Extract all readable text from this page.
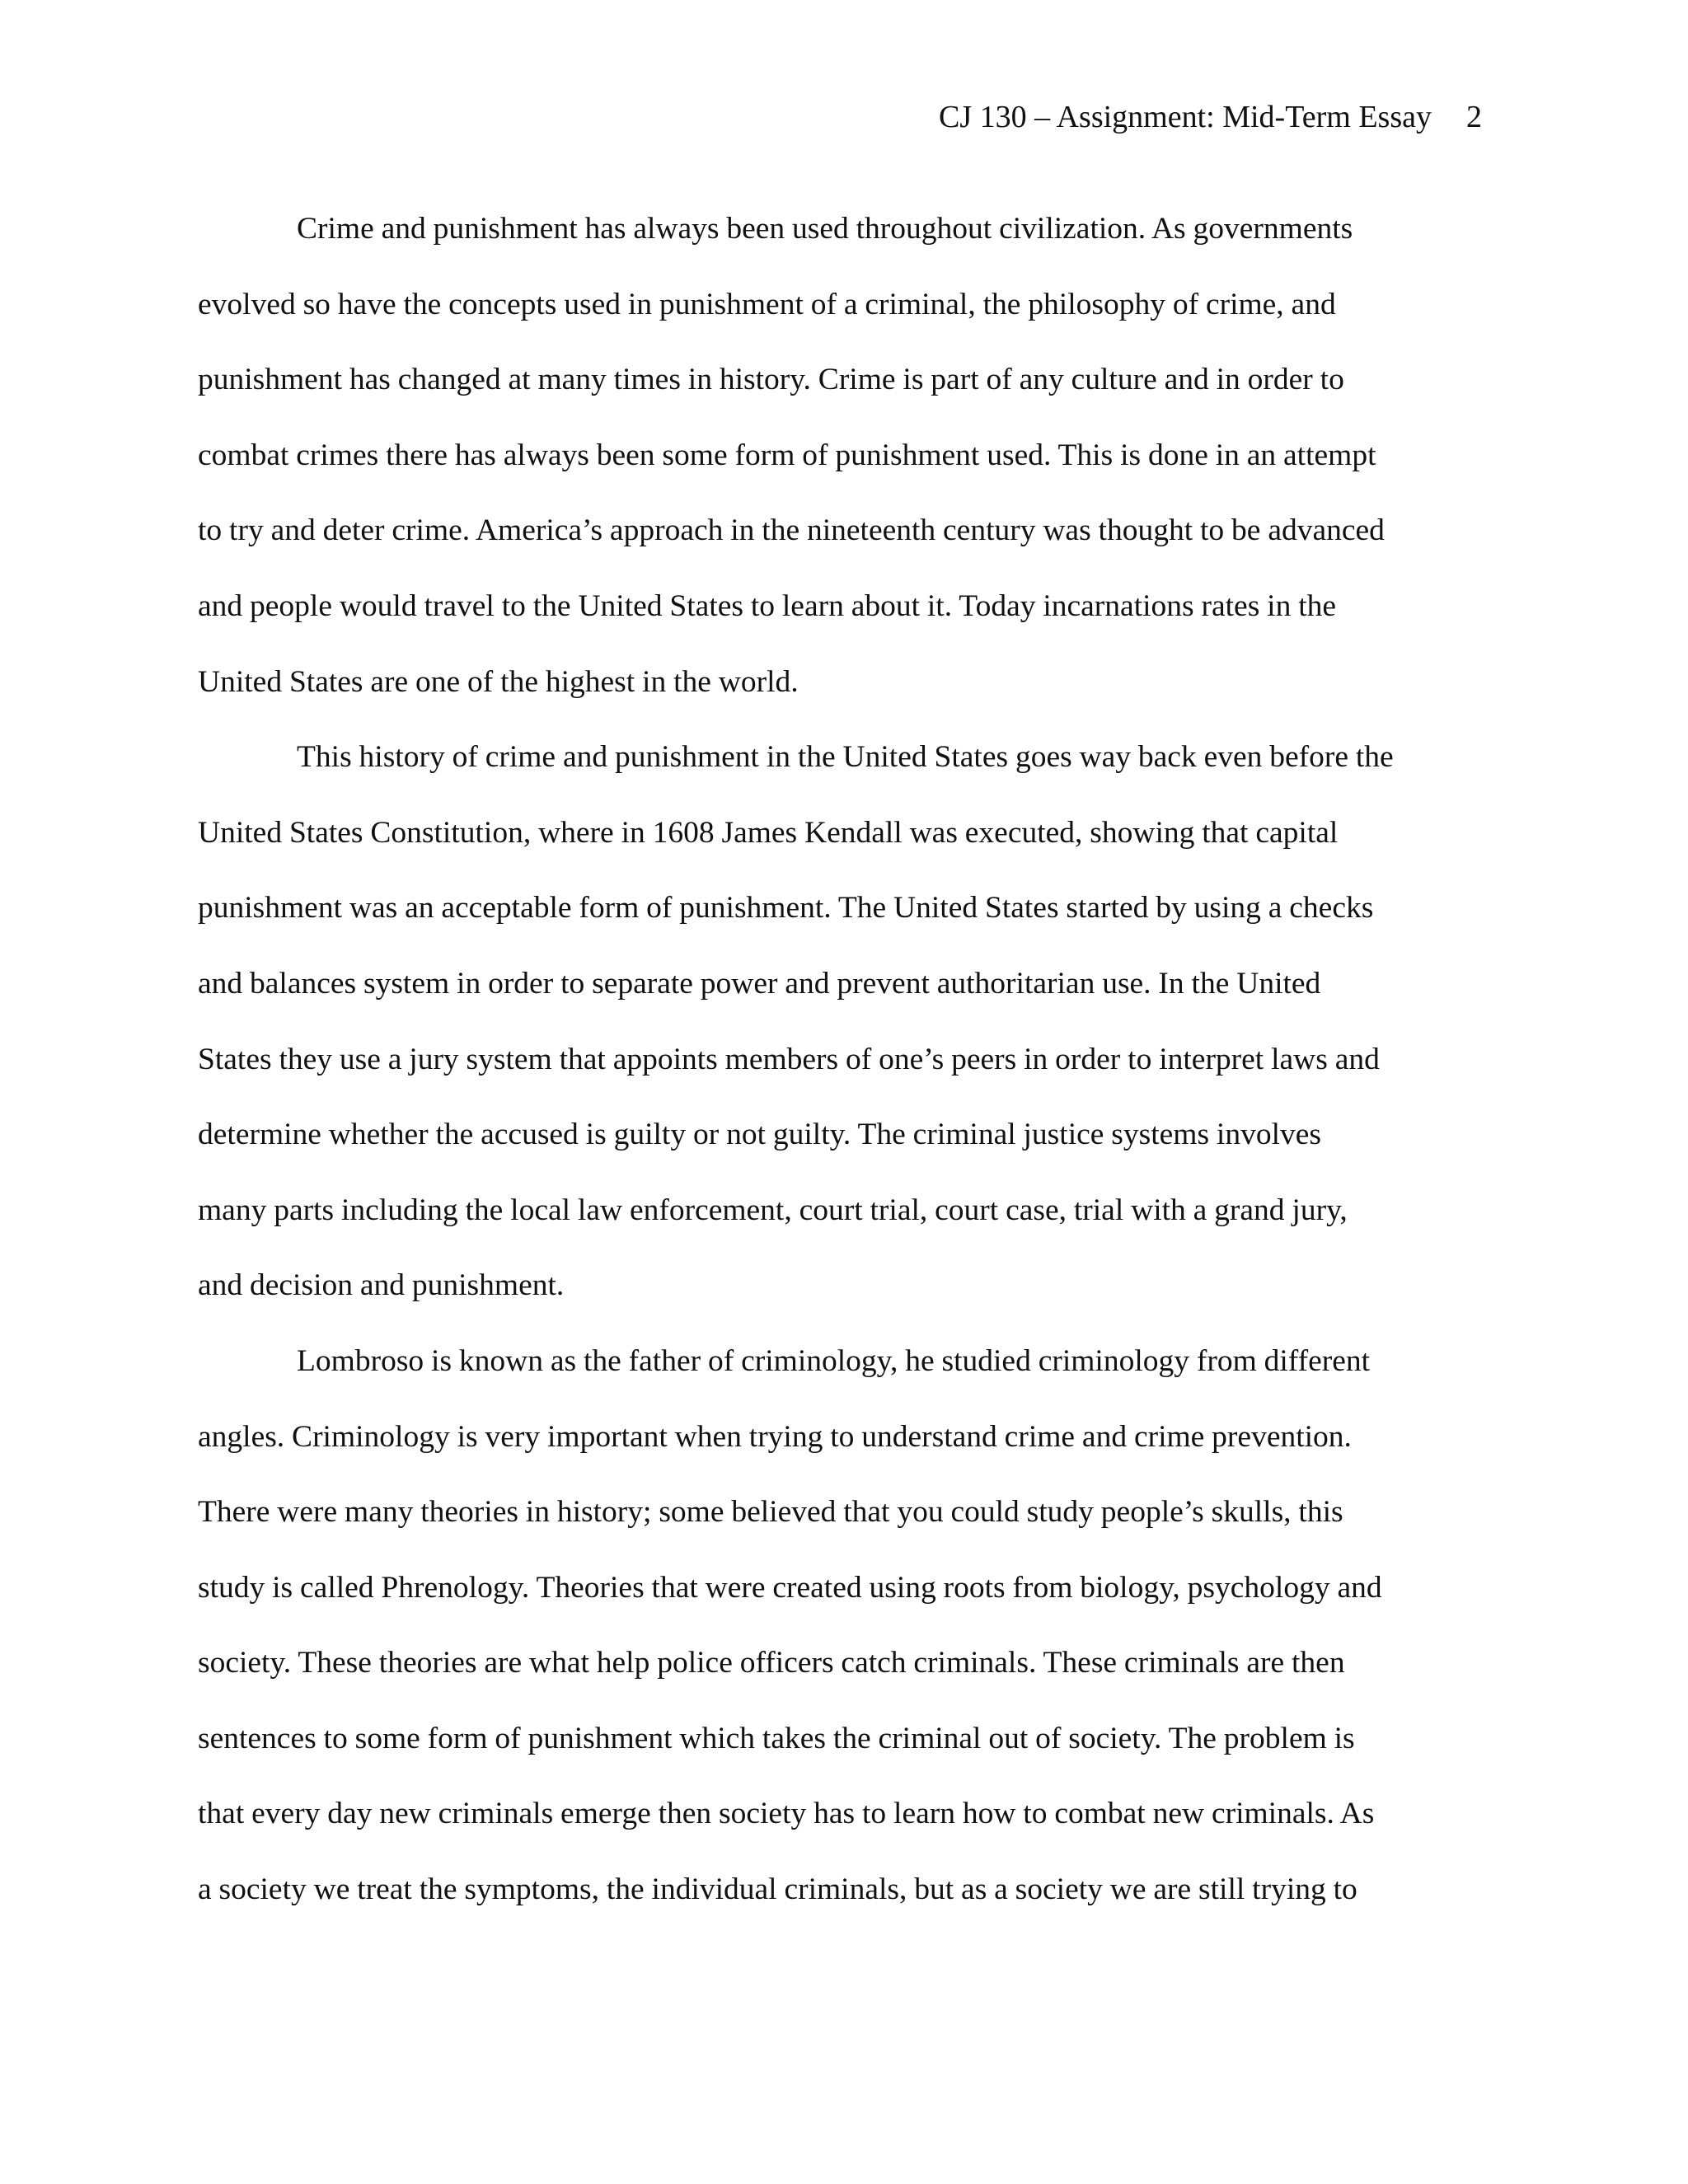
CJ 130 – Assignment: Mid-Term Essay 2
Crime and punishment has always been used throughout civilization. As governments
evolved so have the concepts used in punishment of a criminal, the philosophy of crime, and
punishment has changed at many times in history. Crime is part of any culture and in order to
combat crimes there has always been some form of punishment used. This is done in an attempt
to try and deter crime. America’s approach in the nineteenth century was thought to be advanced
and people would travel to the United States to learn about it. Today incarnations rates in the
United States are one of the highest in the world.
This history of crime and punishment in the United States goes way back even before the
United States Constitution, where in 1608 James Kendall was executed, showing that capital
punishment was an acceptable form of punishment. The United States started by using a checks
and balances system in order to separate power and prevent authoritarian use. In the United
States they use a jury system that appoints members of one’s peers in order to interpret laws and
determine whether the accused is guilty or not guilty. The criminal justice systems involves
many parts including the local law enforcement, court trial, court case, trial with a grand jury,
and decision and punishment.
Lombroso is known as the father of criminology, he studied criminology from different
angles. Criminology is very important when trying to understand crime and crime prevention.
There were many theories in history; some believed that you could study people’s skulls, this
study is called Phrenology. Theories that were created using roots from biology, psychology and
society. These theories are what help police officers catch criminals. These criminals are then
sentences to some form of punishment which takes the criminal out of society. The problem is
that every day new criminals emerge then society has to learn how to combat new criminals. As
a society we treat the symptoms, the individual criminals, but as a society we are still trying to
